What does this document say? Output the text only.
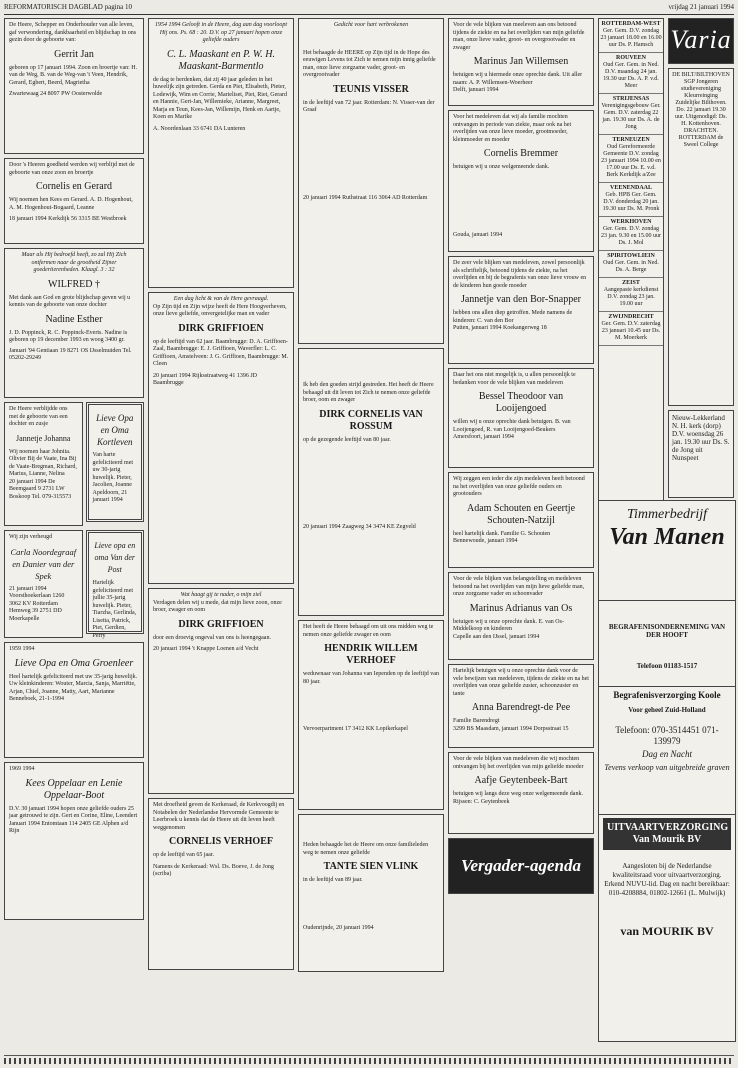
REFORMATORISCH DAGBLAD pagina 10	vrijdag 21 januari 1994
De Heere, Schepper en Onderhouder van alle leven, gaf verwondering, dankbaarheid en blijdschap in ons gezin door de geboorte van:
Gerrit Jan
geboren op 17 januari 1994. Zoon en broertje van: H. van de Weg, B. van de Weg-van 't Veen, Hendrik, Gerard, Egbert, Beerd, Magrietha
Zwartewaag 24 8097 PW Oosterwolde
Door 's Heeren goedheid werden wij verblijd met de geboorte van onze zoon en broertje
Cornelis en Gerard
Wij noemen hen Kees en Gerard. A. D. Hogenhout, A. M. Hogenhout-Bogaard, Leanne
18 januari 1994 Kerkdijk 56 3315 BE Westbroek
Maar als Hij bedroefd heeft, zo zal Hij Zich ontfermen naar de grootheid Zijner goedertierenheden. Klaagl. 3 : 32
WILFRED †
Met dank aan God en grote blijdschap geven wij u kennis van de geboorte van onze dochter
Nadine Esther
J. D. Poppinck, R. C. Poppinck-Everts. Nadine is geboren op 19 december 1993 en woog 3400 gr.
Januari '94 Gentiaan 19 8271 OS IJsselmuiden Tel. 05202-29249
De Heere verblijdde ons met de geboorte van een dochter en zusje
Jannetje Johanna
Wij noemen haar Johnita. Olivier Bij de Vaate, Ina Bij de Vaate-Bregman, Richard, Marius, Lianne, Nelina
20 januari 1994 De Beemgaard 9 2731 LW Boskoop Tel. 079-315573
Lieve Opa en Oma Kortleven
Van harte gefeliciteerd met uw 30-jarig huwelijk. Pieter, Jacolien, Joanne
Apeldoorn, 21 januari 1994
Wij zijn verheugd
Carla Noordegraaf en Danier van der Spek
21 januari 1994 Voorsthoekerlaan 1260 3062 KV Rotterdam Hemweg 39 2751 DD Moerkapelle
Lieve opa en oma Van der Post
Hartelijk gefeliciteerd met jullie 35-jarig huwelijk. Pieter, Tiarzha, Gerlinda, Lisetta, Patrick, Piet, Gerdien, Perry
1959 1994
Lieve Opa en Oma Groenleer
Heel hartelijk gefeliciteerd met uw 35-jarig huwelijk. Uw kleinkinderen: Wouter, Marcia, Sanja, Marriëtte, Arjan, Chiel, Joanne, Matty, Aart, Marianne
Benneboek, 21-1-1994
1969 1994
Kees Oppelaar en Lenie Oppelaar-Boot
D.V. 30 januari 1994 hopen onze geliefde ouders 25 jaar getrouwd te zijn. Gert en Corine, Eline, Leendert
Januari 1994 Entomtaan 114 2405 GE Alphen a/d Rijn
1954 1994 Gelooft in de Heere, dag aan dag voorloopt Hij ons. Ps. 68 : 20. D.V. op 27 januari hopen onze geliefde ouders
C. L. Maaskant en P. W. H. Maaskant-Barmentlo
de dag te herdenken, dat zij 40 jaar geleden in het huwelijk zijn getreden. Gerda en Piet, Elisabeth, Pieter, Lodewijk, Wim en Corrie, Marieliset, Piet, Riet, Gerard en Hannie, Gert-Jan, Willemieke, Arianne, Margreet, Marja en Teun, Kees-Jan, Willemijn, Henk en Aartje, Koen en Marike
A. Noordenlaan 33 6741 DA Lunteren
Een dag licht & van de Here gevraagd.
Op Zijn tijd en Zijn wijze heeft de Here Hoogverheven, onze lieve geliefde, onvergetelijke man en vader
DIRK GRIFFIOEN
op de leeftijd van 62 jaar. Baambrugge: D. A. Griffioen-Zaal, Baambrugge: E. J. Griffioen, Waverfler: L. C. Griffioen, Amstelveen: J. G. Griffioen, Baambrugge: M. Cleen
20 januari 1994 Rijksstraatweg 41 1396 JD Baambrugge
Wat haagt gij te nader, o mijn ziel
Verdagen delen wij u mede, dat mijn lieve zoon, onze broer, zwager en oom
DIRK GRIFFIOEN
door een droevig ongeval van ons is heengegaan.
20 januari 1994 't Knappe Loenen a/d Vecht
Met droefheid geven de Kerkeraad, de Kerkvoogdij en Notabelen der Nederlandse Hervormde Gemeente te Leerbroek u kennis dat de Heere uit dit leven heeft weggenomen
CORNELIS VERHOEF
op de leeftijd van 65 jaar.
Namens de Kerkeraad: Wsl. Ds. Boeve, J. de Jong (scriba)
Gedicht voor hart verbrokenen
Het behaagde de HEERE op Zijn tijd in de Hope des eeuwigen Levens tot Zich te nemen mijn innig geliefde man, onze lieve zorgzame vader, groot- en overgrootvader
TEUNIS VISSER
in de leeftijd van 72 jaar. Rotterdam: N. Visser-van der Graaf
20 januari 1994 Ruthstraat 116 3064 AD Rotterdam
Ik heb den goeden strijd gestreden. Het heeft de Heere behaagd uit dit leven tot Zich te nemen onze geliefde broer, oom en zwager
DIRK CORNELIS VAN ROSSUM
op de gezegende leeftijd van 80 jaar.
20 januari 1994 Zaagweg 34 3474 KE Zegveld
Het heeft de Heere behaagd om uit ons midden weg te nemen onze geliefde zwager en oom
HENDRIK WILLEM VERHOEF
weduwnaar van Johanna van Iependen op de leeftijd van 80 jaar.
Vervoerpartment 17 3412 KK Lopikerkapel
Heden behaagde het de Heere om onze familieleden weg te nemen onze geliefde
TANTE SIEN VLINK
in de leeftijd van 89 jaar.
Oudenrijnde, 20 januari 1994
Voor de vele blijken van meeleven aan ons betoond tijdens de ziekte en na het overlijden van mijn geliefde man, onze lieve vader, groot- en overgrootvader en zwager
Marinus Jan Willemsen
betuigen wij u hiermede onze oprechte dank. Uit aller naam: A. P. Willemsen-Woerheer
Delft, januari 1994
Voor het medeleven dat wij als familie mochten ontvangen in periode van ziekte, maar ook na het overlijden van onze lieve moeder, grootmoeder, kleinmoeder en moeder
Cornelis Bremmer
betuigen wij u onze welgemeende dank.
Gouda, januari 1994
De zeer vele blijken van medeleven, zowel persoonlijk als schriftelijk, betoond tijdens de ziekte, na het overlijden en bij de begrafenis van onze lieve vrouw en de kinderen hun goede moeder
Jannetje van den Bor-Snapper
hebben ons allen diep getroffen. Mede namens de kinderen: C. van den Bor
Putten, januari 1994 Koekangerweg 18
Daar het ons niet mogelijk is, u allen persoonlijk te bedanken voor de vele blijken van medeleven
Bessel Theodoor van Looijengoed
willen wij u onze oprechte dank betuigen. B. van Looijengoed, R. van Looijengoed-Beukers
Amersfoort, januari 1994
Wij zeggen een ieder die zijn medeleven heeft betoond na het overlijden van onze geliefde ouders en grootouders
Adam Schouten en Geertje Schouten-Natzijl
heel hartelijk dank. Familie G. Schouten
Bennewoude, januari 1994
Voor de vele blijken van belangstelling en medeleven betoond na het overlijden van mijn lieve geliefde man, onze zorgzame vader en schoonvader
Marinus Adrianus van Os
betuigen wij u onze oprechte dank. E. van Os-Middelkoop en kinderen
Capelle aan den IJssel, januari 1994
Hartelijk betuigen wij u onze oprechte dank voor de vele bewijzen van medeleven, tijdens de ziekte en na het overlijden van onze geliefde zuster, schoonzuster en tante
Anna Barendregt-de Pee
Familie Barendregt
3299 BS Maasdam, januari 1994 Dorpsstraat 15
Voor de vele blijken van medeleven die wij mochten ontvangen bij het overlijden van mijn geliefde moeder
Aafje Geytenbeek-Bart
betuigen wij langs deze weg onze welgemeende dank. Rijssen: C. Geytenbeek
Vergader-agenda
ROTTERDAM-WEST
Ger. Gem. D.V. zondag 23 januari 18.00 en 16.00 uur Ds. P. Hamsch
ROUVEEN
Oud Ger. Gem. in Ned. D.V. maandag 24 jan. 19.30 uur Ds. A. P. v.d. Meer
STRIJENSAS
Verenigingsgebouw Ger. Gem. D.V. zaterdag 22 jan. 19.30 uur Ds. A. de Jong
TERNEUZEN
Oud Gereformeerde Gemeente D.V. zondag 23 januari 1994 10.00 en 17.00 uur Ds. E. v.d. Berk Kerkdijk a/Zee
VEENENDAAL
Geb. HPB Ger. Gem. D.V. donderdag 20 jan. 19.30 uur Ds. M. Pronk
WERKHOVEN
Ger. Gem. D.V. zondag 23 jan. 9.30 en 15.00 uur Ds. J. Mol
SPIRITOWLIEIN
Oud Ger. Gem. in Ned. Ds. A. Berge
ZEIST
Aangepaste kerkdienst D.V. zondag 23 jan. 19.00 uur
ZWIJNDRECHT
Ger. Gem. D.V. zaterdag 23 januari 10.45 uur Ds. M. Moerkerk
Varia
DE BILT/BILTHOVEN SGP Jongeren studievereniging Kleurreinging Zuidelijke Bilthoven. Do. 22 januari 19.30 uur. Uitgenodigd: Ds. H. Kottenhoven. DRACHTEN. ROTTERDAM de Sweel College
Nieuw-Lekkerland N. H. kerk (dorp) D.V. woensdag 26 jan. 19.30 uur Ds. S. de Jong uit Nunspeet
Timmerbedrijf
Van Manen
BEGRAFENISONDERNEMING VAN DER HOOFT
Telefoon 01183-1517
Begrafenisverzorging Koole
Voor geheel Zuid-Holland
Telefoon: 070-3514451 071-139979
Dag en Nacht
Tevens verkoop van uitgebreide graven
UITVAARTVERZORGING Van Mourik BV
Aangesloten bij de Nederlandse kwaliteitsraad voor uitvaartverzorging. Erkend NUVU-lid. Dag en nacht bereikbaar: 010-4208884, 01802-12661 (L. Mulwijk)
van MOURIK BV
